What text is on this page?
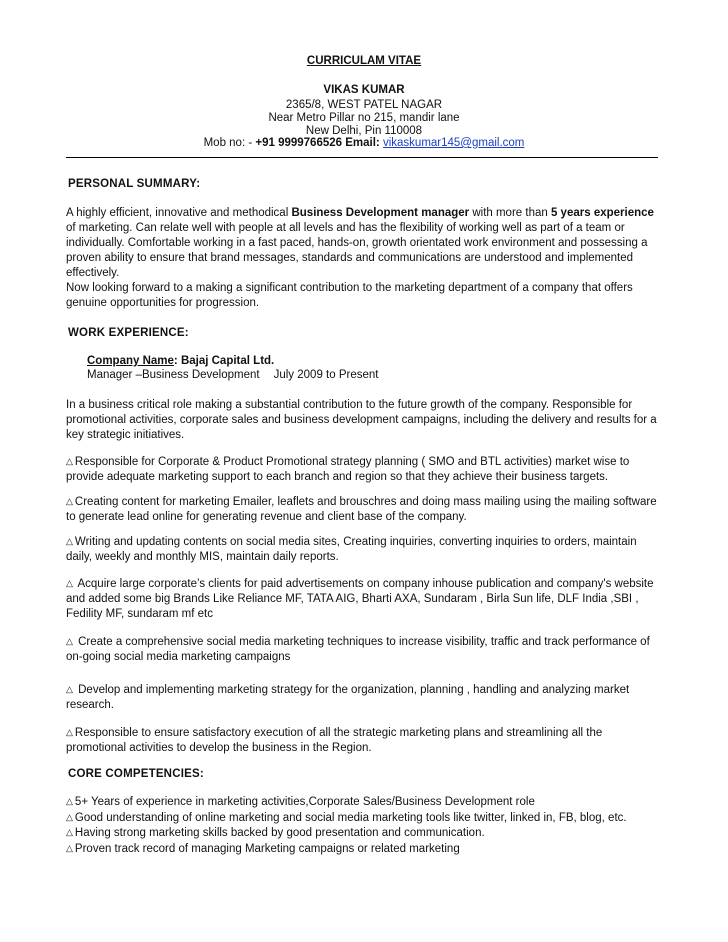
CURRICULAM VITAE
VIKAS KUMAR
2365/8, WEST PATEL NAGAR
Near Metro Pillar no 215, mandir lane
New Delhi, Pin 110008
Mob no: - +91 9999766526 Email: vikaskumar145@gmail.com
PERSONAL SUMMARY:
A highly efficient, innovative and methodical Business Development manager with more than 5 years experience of marketing. Can relate well with people at all levels and has the flexibility of working well as part of a team or individually. Comfortable working in a fast paced, hands-on, growth orientated work environment and possessing a proven ability to ensure that brand messages, standards and communications are understood and implemented effectively.
Now looking forward to a making a significant contribution to the marketing department of a company that offers genuine opportunities for progression.
WORK EXPERIENCE:
Company Name: Bajaj Capital Ltd.
Manager –Business Development July 2009 to Present
In a business critical role making a substantial contribution to the future growth of the company. Responsible for promotional activities, corporate sales and business development campaigns, including the delivery and results for a key strategic initiatives.
△ Responsible for Corporate & Product Promotional strategy planning ( SMO and BTL activities) market wise to provide adequate marketing support to each branch and region so that they achieve their business targets.
△ Creating content for marketing Emailer, leaflets and brouschres and doing mass mailing using the mailing software to generate lead online for generating revenue and client base of the company.
△ Writing and updating contents on social media sites, Creating inquiries, converting inquiries to orders, maintain daily, weekly and monthly MIS, maintain daily reports.
△ Acquire large corporate’s clients for paid advertisements on company inhouse publication and company's website and added some big Brands Like Reliance MF, TATA AIG, Bharti AXA, Sundaram , Birla Sun life, DLF India ,SBI , Fedility MF, sundaram mf etc
△ Create a comprehensive social media marketing techniques to increase visibility, traffic and track performance of on-going social media marketing campaigns
△ Develop and implementing marketing strategy for the organization, planning , handling and analyzing market research.
△ Responsible to ensure satisfactory execution of all the strategic marketing plans and streamlining all the promotional activities to develop the business in the Region.
CORE COMPETENCIES:
△ 5+ Years of experience in marketing activities,Corporate Sales/Business Development role
△ Good understanding of online marketing and social media marketing tools like twitter, linked in, FB, blog, etc.
△ Having strong marketing skills backed by good presentation and communication.
△ Proven track record of managing Marketing campaigns or related marketing
